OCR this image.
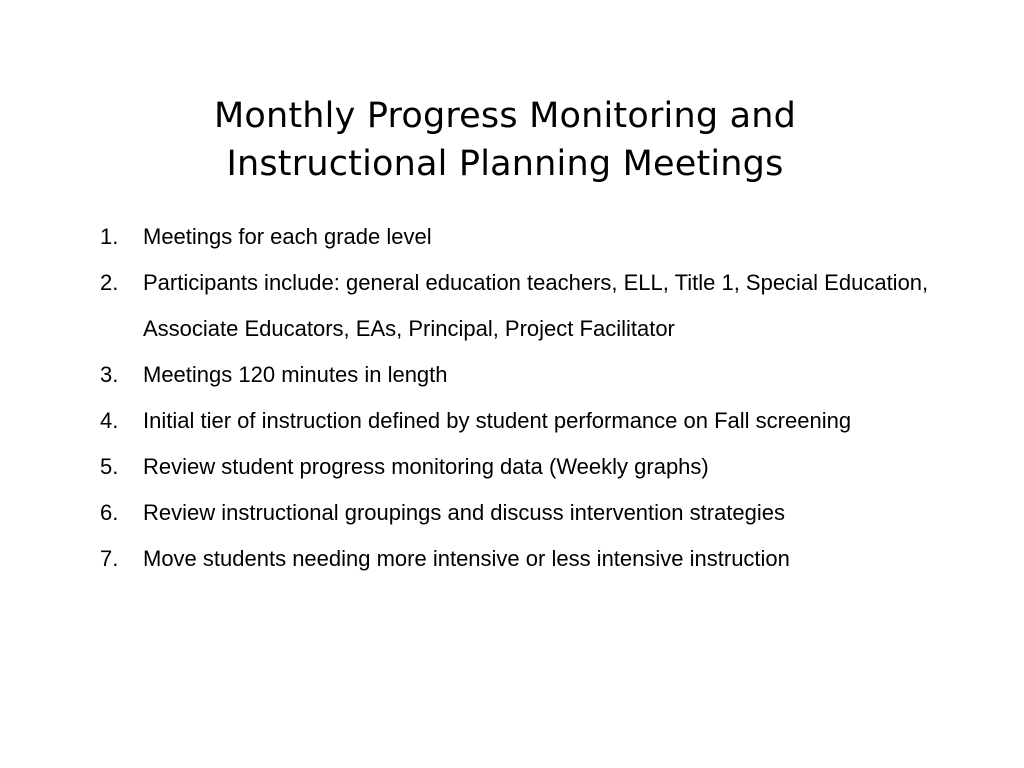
Monthly Progress Monitoring and
Instructional Planning Meetings
1.	Meetings for each grade level
2.	Participants include: general education teachers, ELL, Title 1, Special Education, Associate Educators, EAs, Principal, Project Facilitator
3.	Meetings 120 minutes in length
4.	Initial tier of instruction defined by student performance on Fall screening
5.	Review student progress monitoring data (Weekly graphs)
6.	Review instructional groupings and discuss intervention strategies
7.	Move students needing more intensive or less intensive instruction
